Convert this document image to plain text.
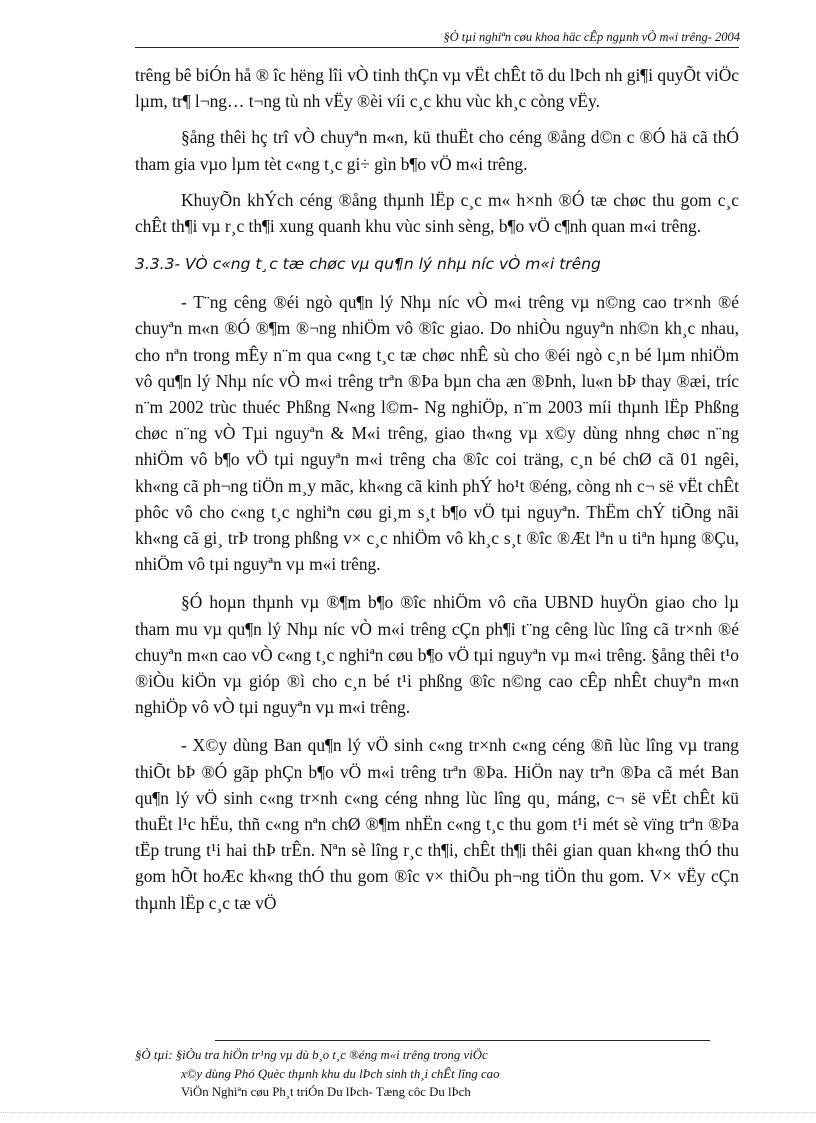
§Ò tµi nghiªn cøu khoa häc cÊp ngµnh vÒ m«i trêng- 2004

trêng bê biÓn hå ® îc hëng lîi vÒ tinh thÇn vµ vËt chÊt tõ du lÞch nh gi¶i quyÕt viÖc lµm, tr¶ l¬ng… t¬ng tù nh vËy ®èi víi c¸c khu vùc kh¸c còng vËy.

§ång thêi hç trî vÒ chuyªn m«n, kü thuËt cho céng ®ång d©n c ®Ó hä cã thÓ tham gia vµo lµm tèt c«ng t¸c gi÷ gìn b¶o vÖ m«i trêng.

KhuyÕn khÝch céng ®ång thµnh lËp c¸c m« h×nh ®Ó tæ chøc thu gom c¸c chÊt th¶i vµ r¸c th¶i xung quanh khu vùc sinh sèng, b¶o vÖ c¶nh quan m«i trêng.

3.3.3- VÒ c«ng t¸c tæ chøc vµ qu¶n lý nhµ níc vÒ m«i trêng

- T¨ng cêng ®éi ngò qu¶n lý Nhµ níc vÒ m«i trêng vµ n©ng cao tr×nh ®é chuyªn m«n ®Ó ®¶m ®¬ng nhiÖm vô ®îc giao. Do nhiÒu nguyªn nh©n kh¸c nhau, cho nªn trong mÊy n¨m qua c«ng t¸c tæ chøc nhÊ sù cho ®éi ngò c¸n bé lµm nhiÖm vô qu¶n lý Nhµ níc vÒ m«i trêng trªn ®Þa bµn cha æn ®Þnh, lu«n bÞ thay ®æi, tríc n¨m 2002 trùc thuéc Phßng N«ng l©m- Ng nghiÖp, n¨m 2003 míi thµnh lËp Phßng chøc n¨ng vÒ Tµi nguyªn & M«i trêng, giao th«ng vµ x©y dùng nhng chøc n¨ng nhiÖm vô b¶o vÖ tµi nguyªn m«i trêng cha ®îc coi träng, c¸n bé chØ cã 01 ngêi, kh«ng cã ph¬ng tiÖn m¸y mãc, kh«ng cã kinh phÝ ho¹t ®éng, còng nh c¬ së vËt chÊt phôc vô cho c«ng t¸c nghiªn cøu gi¸m s¸t b¶o vÖ tµi nguyªn. ThËm chÝ tiÕng nãi kh«ng cã gi¸ trÞ trong phßng v× c¸c nhiÖm vô kh¸c s¸t ®îc ®Æt lªn u tiªn hµng ®Çu, nhiÖm vô tµi nguyªn vµ m«i trêng.

§Ó hoµn thµnh vµ ®¶m b¶o ®îc nhiÖm vô cña UBND huyÖn giao cho lµ tham mu vµ qu¶n lý Nhµ níc vÒ m«i trêng cÇn ph¶i t¨ng cêng lùc lîng cã tr×nh ®é chuyªn m«n cao vÒ c«ng t¸c nghiªn cøu b¶o vÖ tµi nguyªn vµ m«i trêng. §ång thêi t¹o ®iÒu kiÖn vµ gióp ®ì cho c¸n bé t¹i phßng ®îc n©ng cao cÊp nhÊt chuyªn m«n nghiÖp vô vÒ tµi nguyªn vµ m«i trêng.

- X©y dùng Ban qu¶n lý vÖ sinh c«ng tr×nh c«ng céng ®ñ lùc lîng vµ trang thiÕt bÞ ®Ó gãp phÇn b¶o vÖ m«i trêng trªn ®Þa. HiÖn nay trªn ®Þa cã mét Ban qu¶n lý vÖ sinh c«ng tr×nh c«ng céng nhng lùc lîng qu¸ máng, c¬ së vËt chÊt kü thuËt l¹c hËu, thñ c«ng nªn chØ ®¶m nhËn c«ng t¸c thu gom t¹i mét sè vïng trªn ®Þa tËp trung t¹i hai thÞ trÊn. Nªn sè lîng r¸c th¶i, chÊt th¶i thêi gian quan kh«ng thÓ thu gom hÕt hoÆc kh«ng thÓ thu gom ®îc v× thiÕu ph¬ng tiÖn thu gom. V× vËy cÇn thµnh lËp c¸c tæ vÖ

§Ò tµi: §iÒu tra hiÖn tr¹ng vµ dù b¸o t¸c ®éng m«i trêng trong viÖc
x©y dùng Phó Quèc thµnh khu du lÞch sinh th¸i chÊt lîng cao
ViÖn Nghiªn cøu Ph¸t triÓn Du lÞch- Tæng côc Du lÞch
